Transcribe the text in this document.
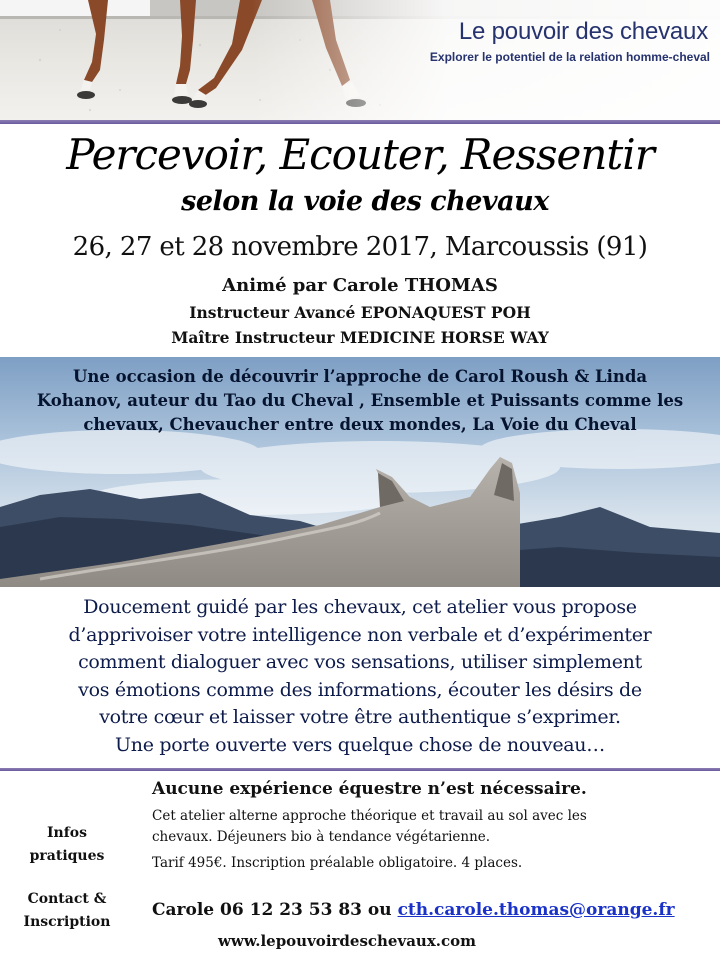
Le pouvoir des chevaux
Explorer le potentiel de la relation homme-cheval
Percevoir, Ecouter, Ressentir
selon la voie des chevaux
26, 27 et 28 novembre 2017, Marcoussis (91)
Animé par Carole THOMAS
Instructeur Avancé EPONAQUEST POH
Maître Instructeur MEDICINE HORSE WAY
Une occasion de découvrir l’approche de Carol Roush & Linda
Kohanov, auteur du Tao du Cheval , Ensemble et Puissants comme les
chevaux, Chevaucher entre deux mondes, La Voie du Cheval
Doucement guidé par les chevaux, cet atelier vous propose
d’apprivoiser votre intelligence non verbale et d’expérimenter
comment dialoguer avec vos sensations, utiliser simplement
vos émotions comme des informations, écouter les désirs de
votre cœur et laisser votre être authentique s’exprimer.
Une porte ouverte vers quelque chose de nouveau…
Infos
pratiques
Contact &
Inscription
Aucune expérience équestre n’est nécessaire.
Cet atelier alterne approche théorique et travail au sol avec les
chevaux. Déjeuners bio à tendance végétarienne.
Tarif 495€. Inscription préalable obligatoire. 4 places.
Carole 06 12 23 53 83 ou cth.carole.thomas@orange.fr
www.lepouvoirdeschevaux.com
